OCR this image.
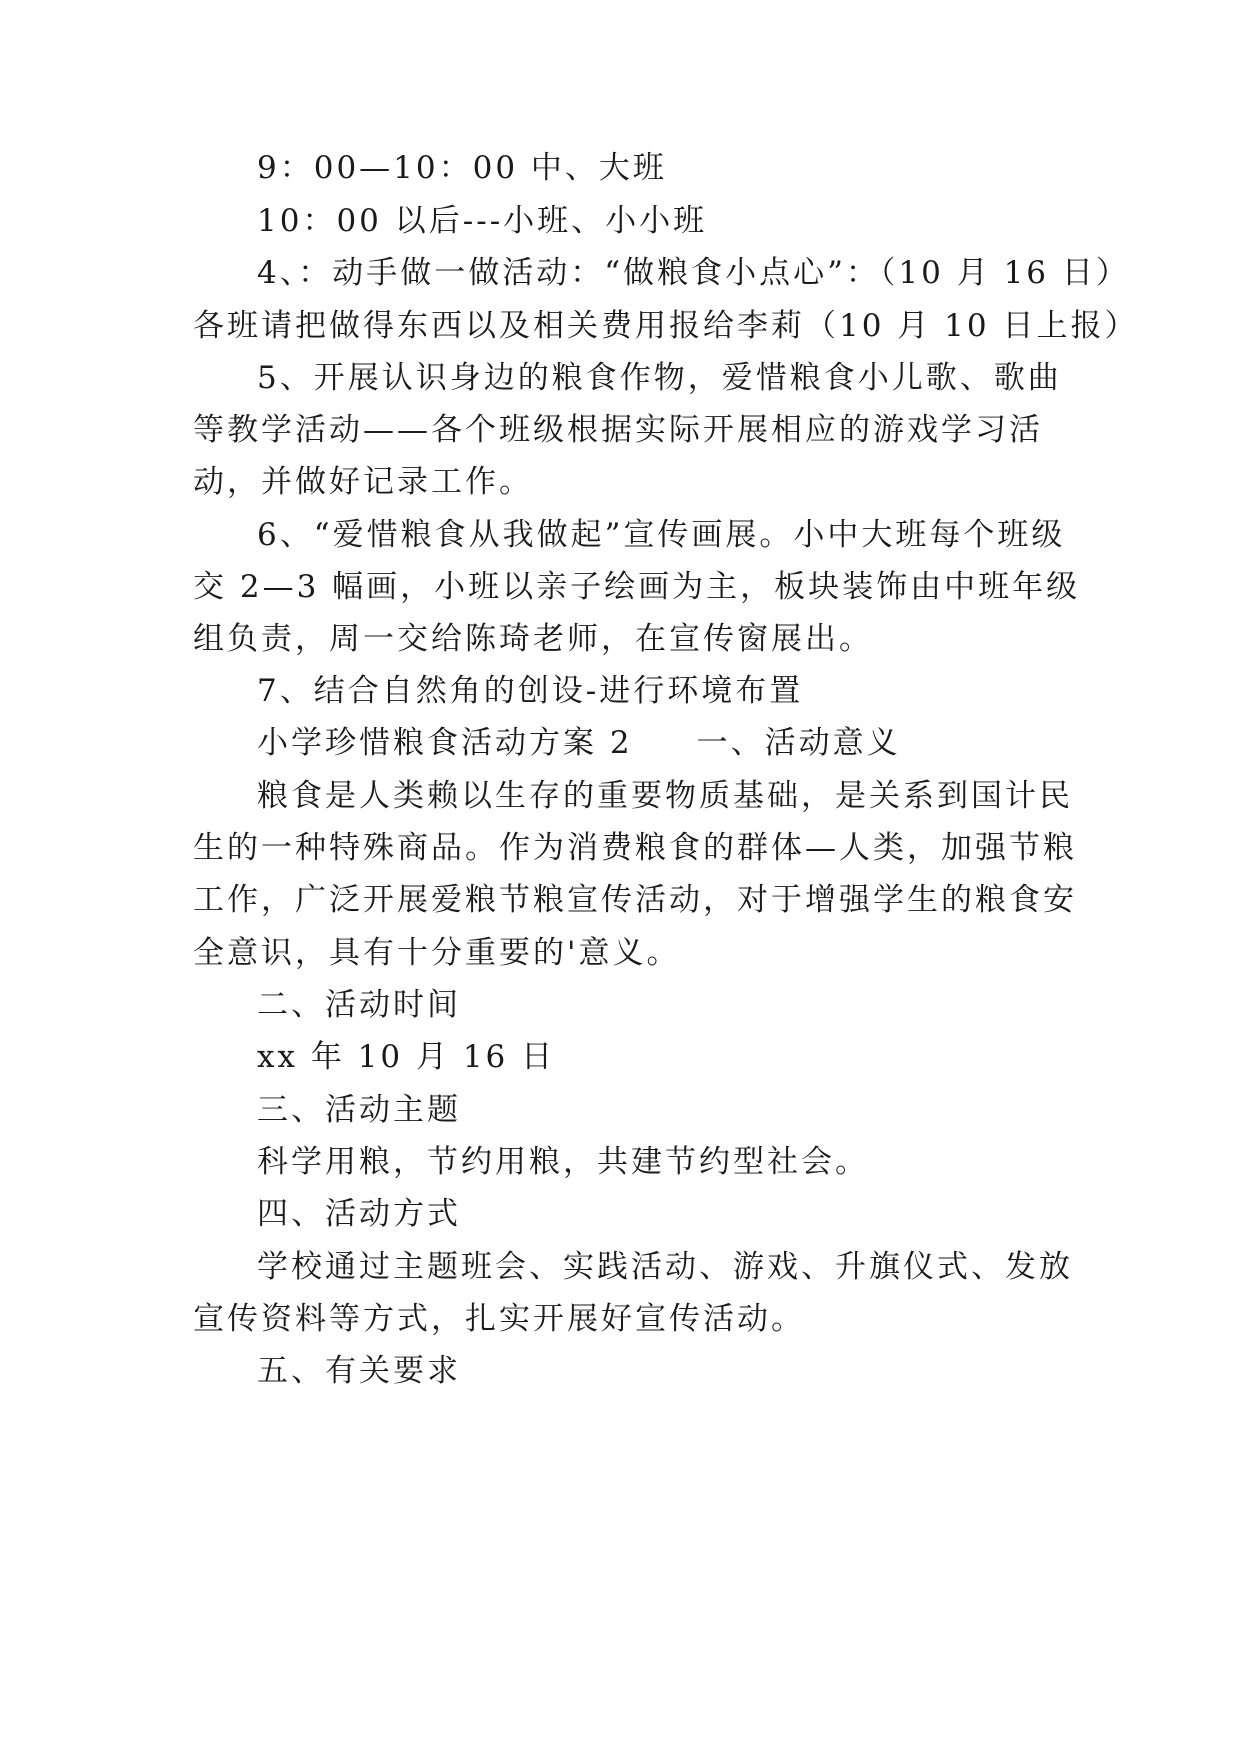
9：00—10：00 中、大班
10：00 以后---小班、小小班
4、：动手做一做活动：“做粮食小点心”：（10 月 16 日）
各班请把做得东西以及相关费用报给李莉（10 月 10 日上报）
5、开展认识身边的粮食作物，爱惜粮食小儿歌、歌曲
等教学活动——各个班级根据实际开展相应的游戏学习活
动，并做好记录工作。
6、“爱惜粮食从我做起”宣传画展。小中大班每个班级
交 2—3 幅画，小班以亲子绘画为主，板块装饰由中班年级
组负责，周一交给陈琦老师，在宣传窗展出。
7、结合自然角的创设-进行环境布置
小学珍惜粮食活动方案 2 一、活动意义
粮食是人类赖以生存的重要物质基础，是关系到国计民
生的一种特殊商品。作为消费粮食的群体—人类，加强节粮
工作，广泛开展爱粮节粮宣传活动，对于增强学生的粮食安
全意识，具有十分重要的'意义。
二、活动时间
xx 年 10 月 16 日
三、活动主题
科学用粮，节约用粮，共建节约型社会。
四、活动方式
学校通过主题班会、实践活动、游戏、升旗仪式、发放
宣传资料等方式，扎实开展好宣传活动。
五、有关要求
